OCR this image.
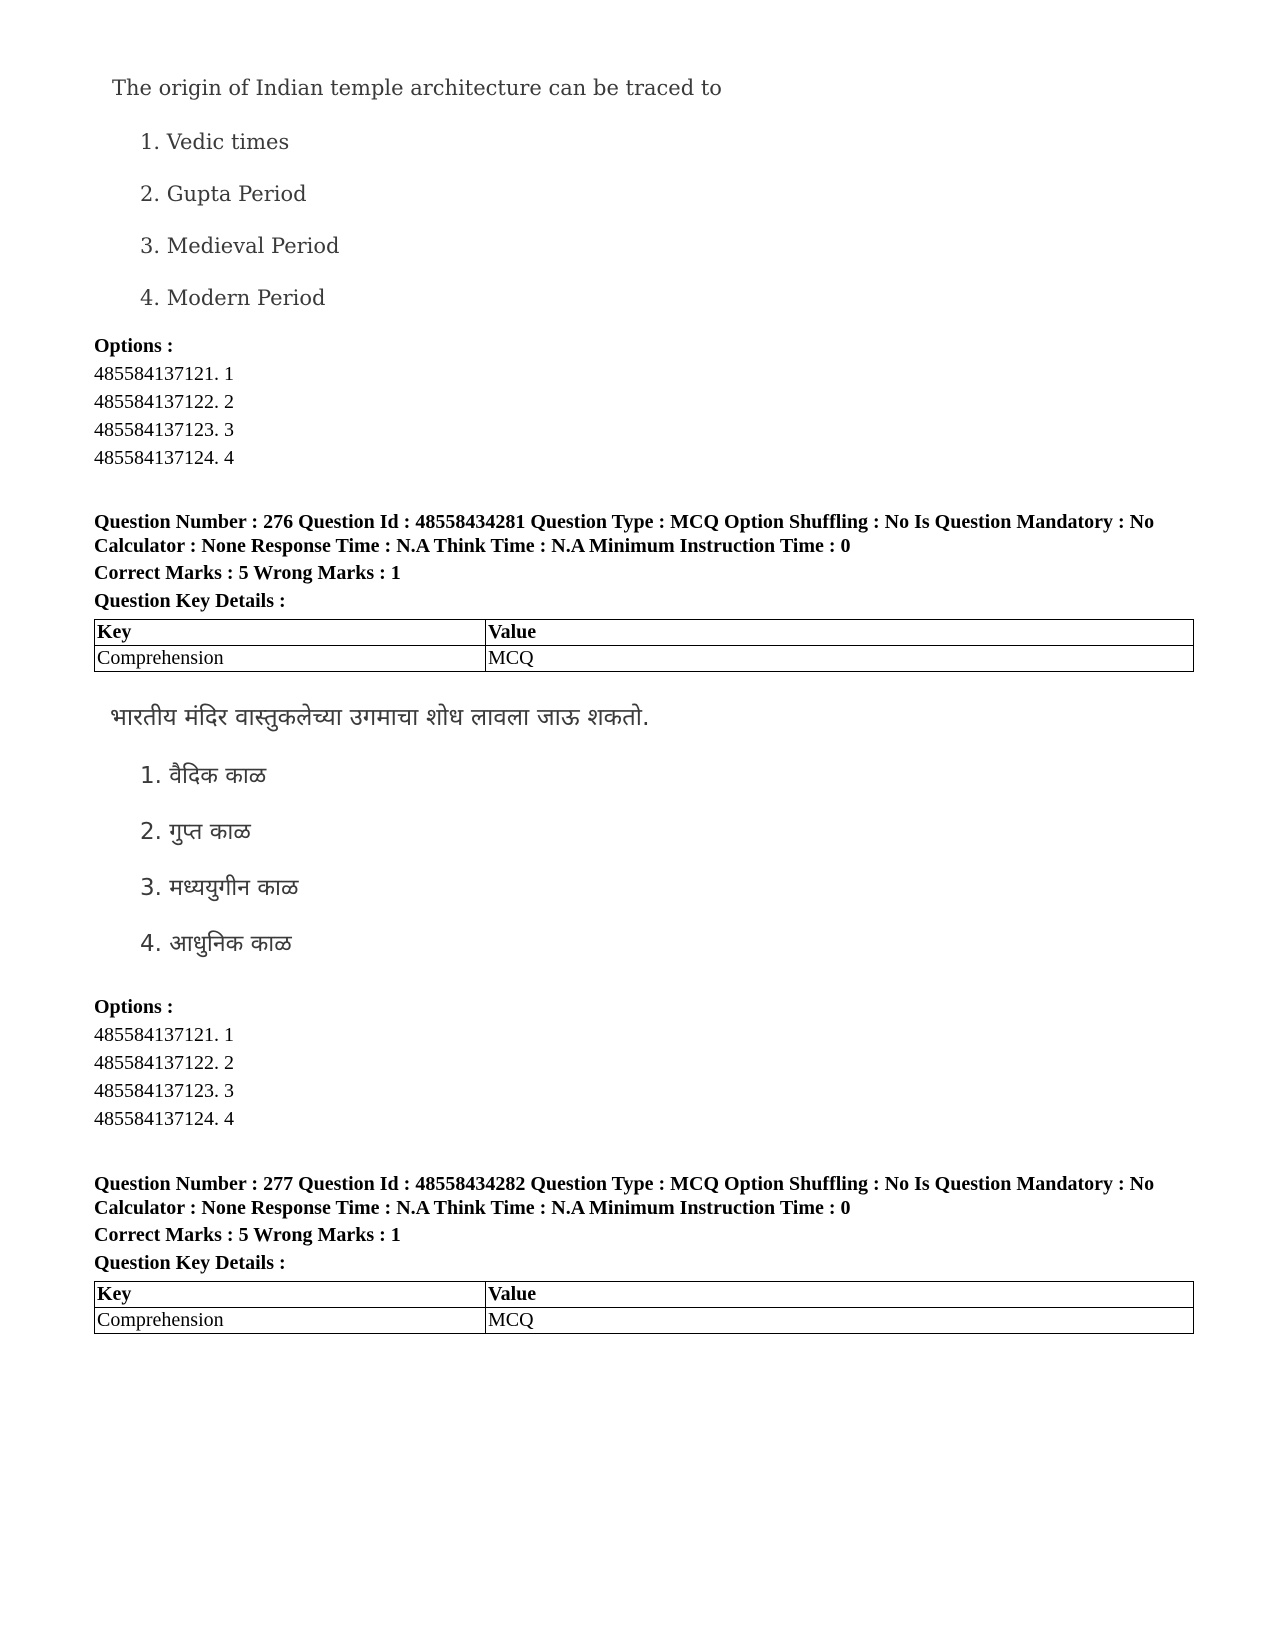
The origin of Indian temple architecture can be traced to
1. Vedic times
2. Gupta Period
3. Medieval Period
4. Modern Period
Options :
485584137121. 1
485584137122. 2
485584137123. 3
485584137124. 4
Question Number : 276 Question Id : 48558434281 Question Type : MCQ Option Shuffling : No Is Question Mandatory : No Calculator : None Response Time : N.A Think Time : N.A Minimum Instruction Time : 0
Correct Marks : 5 Wrong Marks : 1
Question Key Details :
Key	Value
Comprehension	MCQ
भारतीय मंदिर वास्तुकलेच्या उगमाचा शोध लावला जाऊ शकतो.
1. वैदिक काळ
2. गुप्त काळ
3. मध्ययुगीन काळ
4. आधुनिक काळ
Options :
485584137121. 1
485584137122. 2
485584137123. 3
485584137124. 4
Question Number : 277 Question Id : 48558434282 Question Type : MCQ Option Shuffling : No Is Question Mandatory : No Calculator : None Response Time : N.A Think Time : N.A Minimum Instruction Time : 0
Correct Marks : 5 Wrong Marks : 1
Question Key Details :
Key	Value
Comprehension	MCQ
